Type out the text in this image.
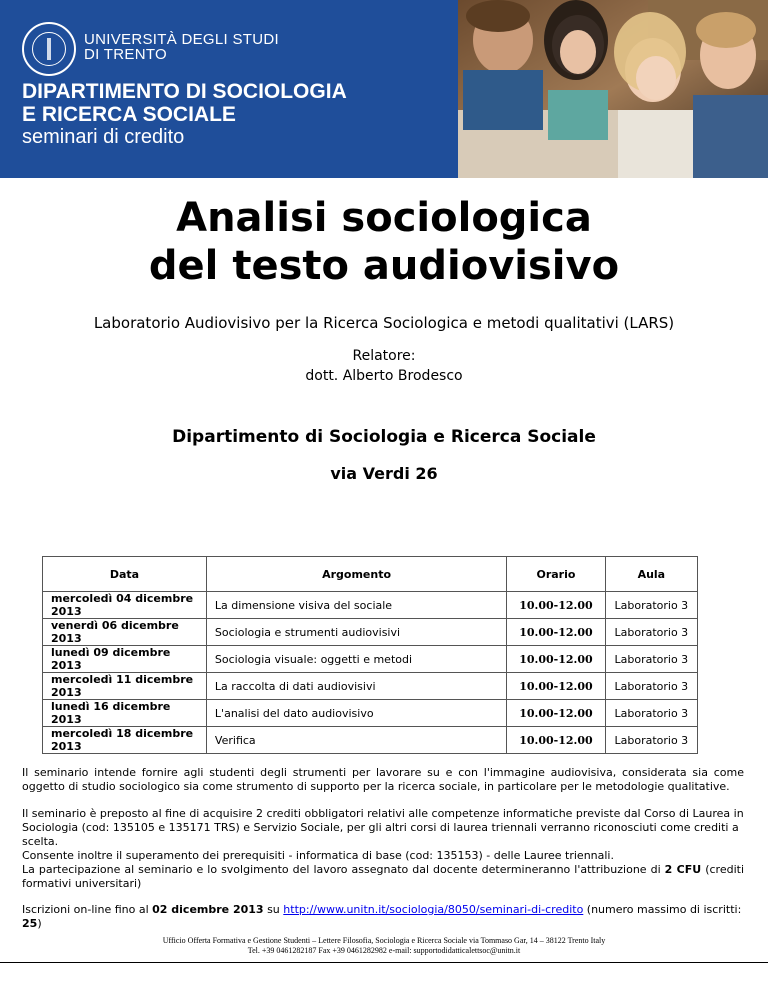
UNIVERSITÀ DEGLI STUDI
DI TRENTO
DIPARTIMENTO DI SOCIOLOGIA
E RICERCA SOCIALE
seminari di credito
Analisi sociologica
del testo audiovisivo
Laboratorio Audiovisivo per la Ricerca Sociologica e metodi qualitativi (LARS)
Relatore:
dott. Alberto Brodesco
Dipartimento di Sociologia e Ricerca Sociale
via Verdi 26
Data	Argomento	Orario	Aula
mercoledì 04 dicembre 2013	La dimensione visiva del sociale	10.00-12.00	Laboratorio 3
venerdì 06 dicembre 2013	Sociologia e strumenti audiovisivi	10.00-12.00	Laboratorio 3
lunedì 09 dicembre 2013	Sociologia visuale: oggetti e metodi	10.00-12.00	Laboratorio 3
mercoledì 11 dicembre 2013	La raccolta di dati audiovisivi	10.00-12.00	Laboratorio 3
lunedì 16 dicembre 2013	L'analisi del dato audiovisivo	10.00-12.00	Laboratorio 3
mercoledì 18 dicembre 2013	Verifica	10.00-12.00	Laboratorio 3
Il seminario intende fornire agli studenti degli strumenti per lavorare su e con l'immagine audiovisiva, considerata sia come oggetto di studio sociologico sia come strumento di supporto per la ricerca sociale, in particolare per le metodologie qualitative.
Il seminario è preposto al fine di acquisire 2 crediti obbligatori relativi alle competenze informatiche previste dal Corso di Laurea in Sociologia (cod: 135105 e 135171 TRS) e Servizio Sociale, per gli altri corsi di laurea triennali verranno riconosciuti come crediti a scelta.
Consente inoltre il superamento dei prerequisiti - informatica di base (cod: 135153) - delle Lauree triennali.
La partecipazione al seminario e lo svolgimento del lavoro assegnato dal docente determineranno l'attribuzione di 2 CFU (crediti formativi universitari)
Iscrizioni on-line fino al 02 dicembre 2013 su http://www.unitn.it/sociologia/8050/seminari-di-credito (numero massimo di iscritti: 25)
Ufficio Offerta Formativa e Gestione Studenti – Lettere Filosofia, Sociologia e Ricerca Sociale via Tommaso Gar, 14 – 38122 Trento Italy
Tel. +39 0461282187 Fax +39 0461282982 e-mail: supportodidatticalettsoc@unitn.it
